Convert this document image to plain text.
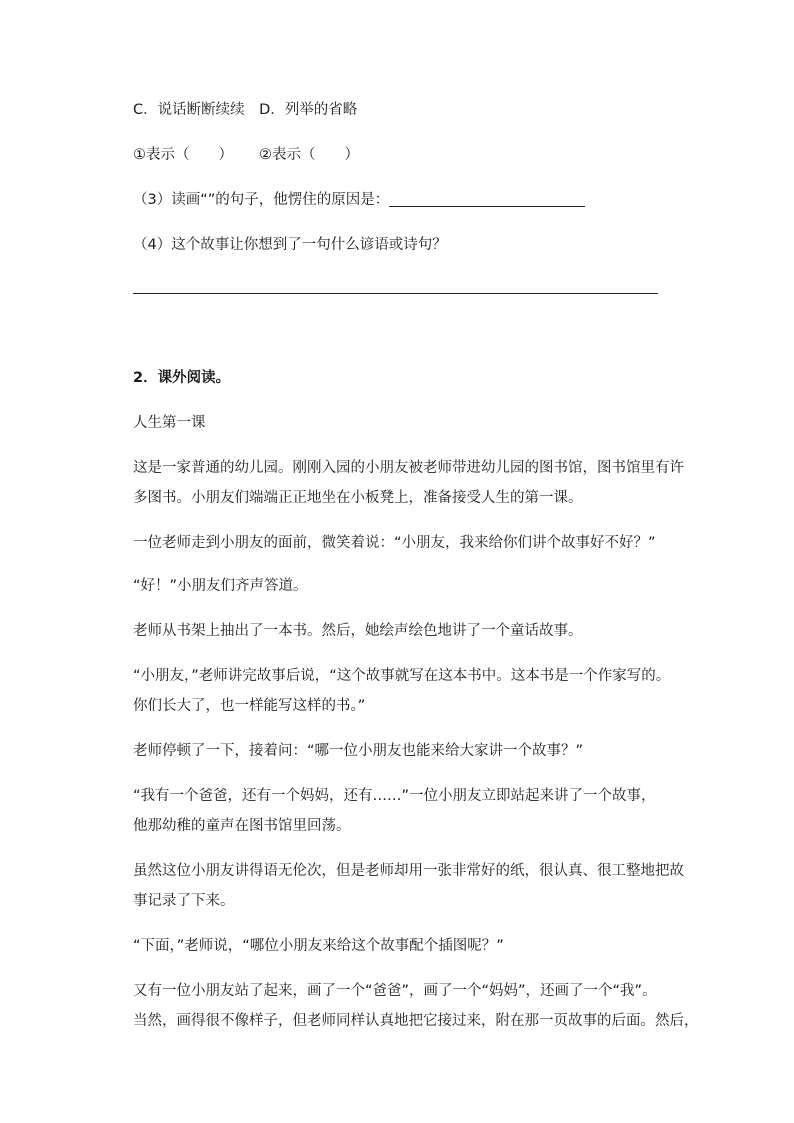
C．说话断断续续　D．列举的省略
①表示（　　） ②表示（　　）
（3）读画“”的句子，他愣住的原因是：
（4）这个故事让你想到了一句什么谚语或诗句？
2．课外阅读。
人生第一课
这是一家普通的幼儿园。刚刚入园的小朋友被老师带进幼儿园的图书馆，图书馆里有许
多图书。小朋友们端端正正地坐在小板凳上，准备接受人生的第一课。
一位老师走到小朋友的面前，微笑着说：“小朋友，我来给你们讲个故事好不好？”
“好！”小朋友们齐声答道。
老师从书架上抽出了一本书。然后，她绘声绘色地讲了一个童话故事。
“小朋友，”老师讲完故事后说，“这个故事就写在这本书中。这本书是一个作家写的。
你们长大了，也一样能写这样的书。”
老师停顿了一下，接着问：“哪一位小朋友也能来给大家讲一个故事？”
“我有一个爸爸，还有一个妈妈，还有……”一位小朋友立即站起来讲了一个故事，
他那幼稚的童声在图书馆里回荡。
虽然这位小朋友讲得语无伦次，但是老师却用一张非常好的纸，很认真、很工整地把故
事记录了下来。
“下面，”老师说，“哪位小朋友来给这个故事配个插图呢？”
又有一位小朋友站了起来，画了一个“爸爸”，画了一个“妈妈”，还画了一个“我”。
当然，画得很不像样子，但老师同样认真地把它接过来，附在那一页故事的后面。然后，
